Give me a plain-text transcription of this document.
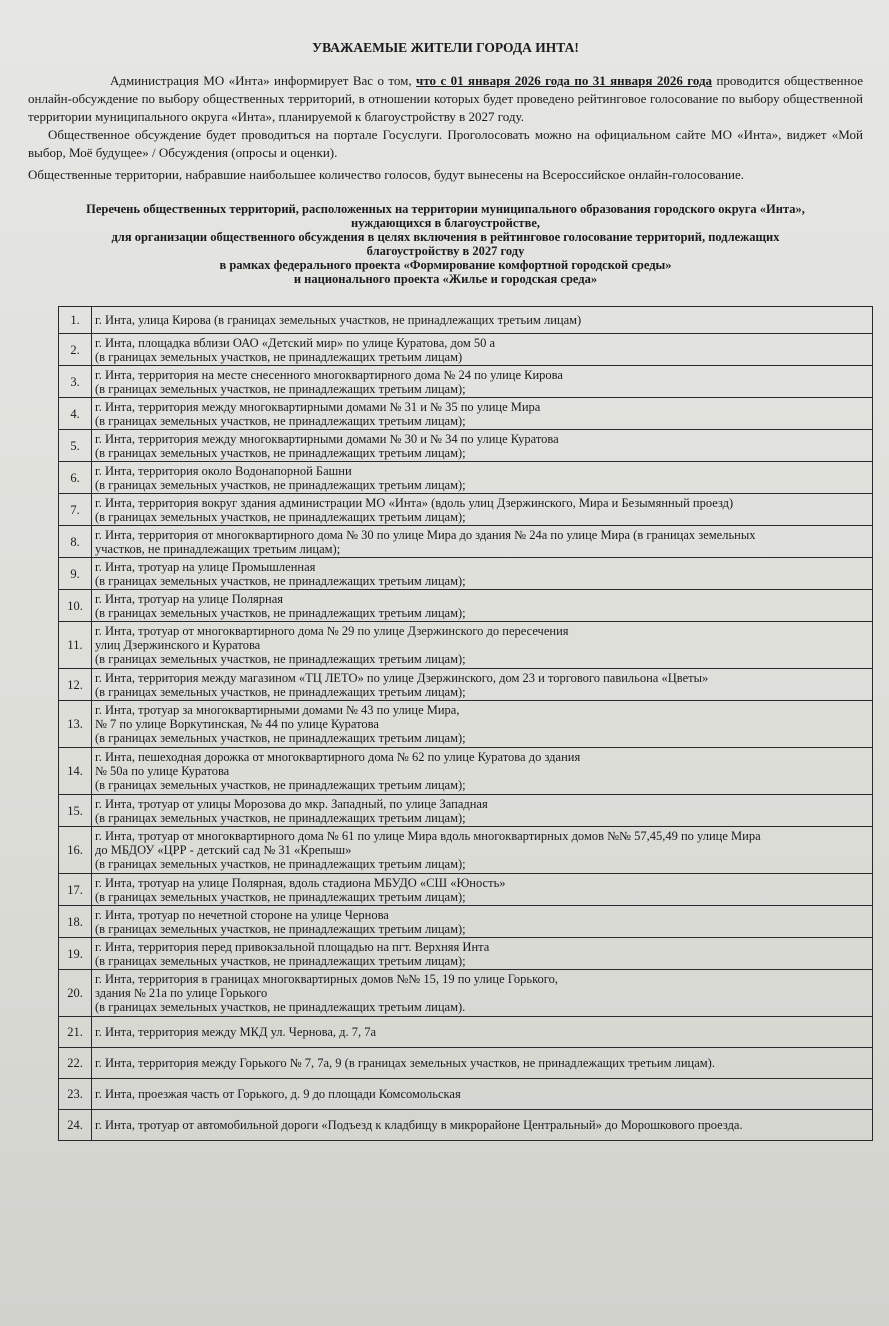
УВАЖАЕМЫЕ ЖИТЕЛИ ГОРОДА ИНТА!

Администрация МО «Инта» информирует Вас о том, что с 01 января 2026 года по 31 января 2026 года проводится общественное онлайн-обсуждение по выбору общественных территорий, в отношении которых будет проведено рейтинговое голосование по выбору общественной территории муниципального округа «Инта», планируемой к благоустройству в 2027 году.

Общественное обсуждение будет проводиться на портале Госуслуги. Проголосовать можно на официальном сайте МО «Инта», виджет «Мой выбор, Моё будущее» / Обсуждения (опросы и оценки).

Общественные территории, набравшие наибольшее количество голосов, будут вынесены на Всероссийское онлайн-голосование.

Перечень общественных территорий, расположенных на территории муниципального образования городского округа «Инта»,
нуждающихся в благоустройстве,
для организации общественного обсуждения в целях включения в рейтинговое голосование территорий, подлежащих
благоустройству в 2027 году
в рамках федерального проекта «Формирование комфортной городской среды»
и национального проекта «Жилье и городская среда»
1.	г. Инта, улица Кирова (в границах земельных участков, не принадлежащих третьим лицам)
2.	г. Инта, площадка вблизи ОАО «Детский мир» по улице Куратова, дом 50 а
(в границах земельных участков, не принадлежащих третьим лицам)
3.	г. Инта, территория на месте снесенного многоквартирного дома № 24 по улице Кирова
(в границах земельных участков, не принадлежащих третьим лицам);
4.	г. Инта, территория между многоквартирными домами № 31 и № 35 по улице Мира
(в границах земельных участков, не принадлежащих третьим лицам);
5.	г. Инта, территория между многоквартирными домами № 30 и № 34 по улице Куратова
(в границах земельных участков, не принадлежащих третьим лицам);
6.	г. Инта, территория около Водонапорной Башни
(в границах земельных участков, не принадлежащих третьим лицам);
7.	г. Инта, территория вокруг здания администрации МО «Инта» (вдоль улиц Дзержинского, Мира и Безымянный проезд)
(в границах земельных участков, не принадлежащих третьим лицам);
8.	г. Инта, территория от многоквартирного дома № 30 по улице Мира до здания № 24а по улице Мира (в границах земельных
участков, не принадлежащих третьим лицам);
9.	г. Инта, тротуар на улице Промышленная
(в границах земельных участков, не принадлежащих третьим лицам);
10.	г. Инта, тротуар на улице Полярная
(в границах земельных участков, не принадлежащих третьим лицам);
11.	г. Инта, тротуар от многоквартирного дома № 29 по улице Дзержинского до пересечения
улиц Дзержинского и Куратова
(в границах земельных участков, не принадлежащих третьим лицам);
12.	г. Инта, территория между магазином «ТЦ ЛЕТО» по улице Дзержинского, дом 23 и торгового павильона «Цветы»
(в границах земельных участков, не принадлежащих третьим лицам);
13.	г. Инта, тротуар за многоквартирными домами № 43 по улице Мира,
№ 7 по улице Воркутинская, № 44 по улице Куратова
(в границах земельных участков, не принадлежащих третьим лицам);
14.	г. Инта, пешеходная дорожка от многоквартирного дома № 62 по улице Куратова до здания
№ 50а по улице Куратова
(в границах земельных участков, не принадлежащих третьим лицам);
15.	г. Инта, тротуар от улицы Морозова до мкр. Западный, по улице Западная
(в границах земельных участков, не принадлежащих третьим лицам);
16.	г. Инта, тротуар от многоквартирного дома № 61 по улице Мира вдоль многоквартирных домов №№ 57,45,49 по улице Мира
до МБДОУ «ЦРР - детский сад № 31 «Крепыш»
(в границах земельных участков, не принадлежащих третьим лицам);
17.	г. Инта, тротуар на улице Полярная, вдоль стадиона МБУДО «СШ «Юность»
(в границах земельных участков, не принадлежащих третьим лицам);
18.	г. Инта, тротуар по нечетной стороне на улице Чернова
(в границах земельных участков, не принадлежащих третьим лицам);
19.	г. Инта, территория перед привокзальной площадью на пгт. Верхняя Инта
(в границах земельных участков, не принадлежащих третьим лицам);
20.	г. Инта, территория в границах многоквартирных домов №№ 15, 19 по улице Горького,
здания № 21а по улице Горького
(в границах земельных участков, не принадлежащих третьим лицам).
21.	г. Инта, территория между МКД ул. Чернова, д. 7, 7а
22.	г. Инта, территория между Горького № 7, 7а, 9 (в границах земельных участков, не принадлежащих третьим лицам).
23.	г. Инта, проезжая часть от Горького, д. 9 до площади Комсомольская
24.	г. Инта, тротуар от автомобильной дороги «Подъезд к кладбищу в микрорайоне Центральный» до Морошкового проезда.
